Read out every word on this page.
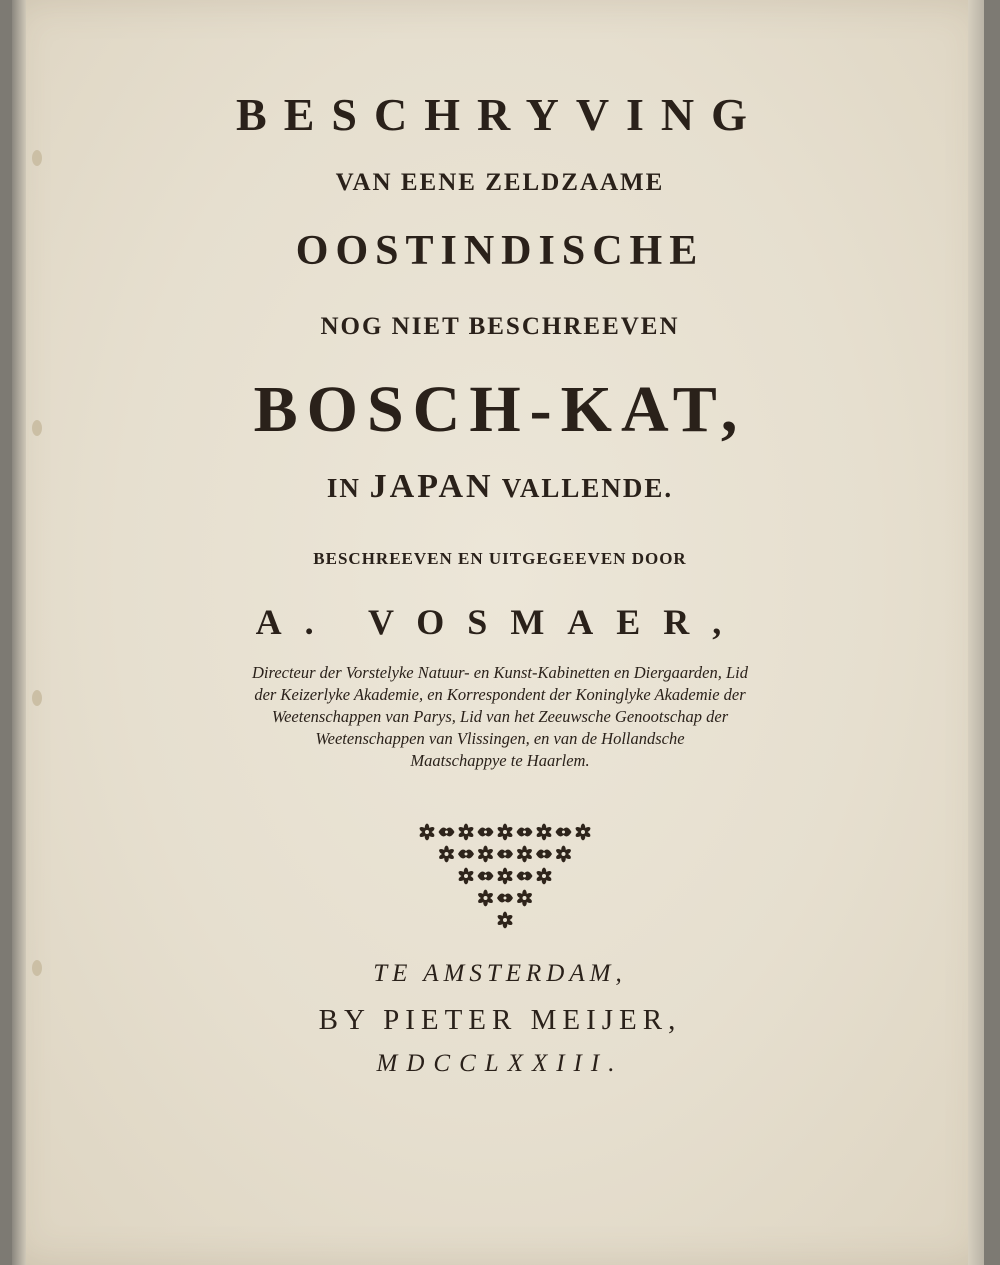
BESCHRYVING
VAN EENE ZELDZAAME
OOSTINDISCHE
NOG NIET BESCHREEVEN
BOSCH-KAT,
IN JAPAN VALLENDE.
BESCHREEVEN EN UITGEGEEVEN DOOR
A. VOSMAER,
Directeur der Vorstelyke Natuur- en Kunst-Kabinetten en Diergaarden, Lid
der Keizerlyke Akademie, en Korrespondent der Koninglyke Akademie der
Weetenschappen van Parys, Lid van het Zeeuwsche Genootschap der
Weetenschappen van Vlissingen, en van de Hollandsche
Maatschappye te Haarlem.
TE AMSTERDAM,
BY PIETER MEIJER,
MDCCLXXIII.
